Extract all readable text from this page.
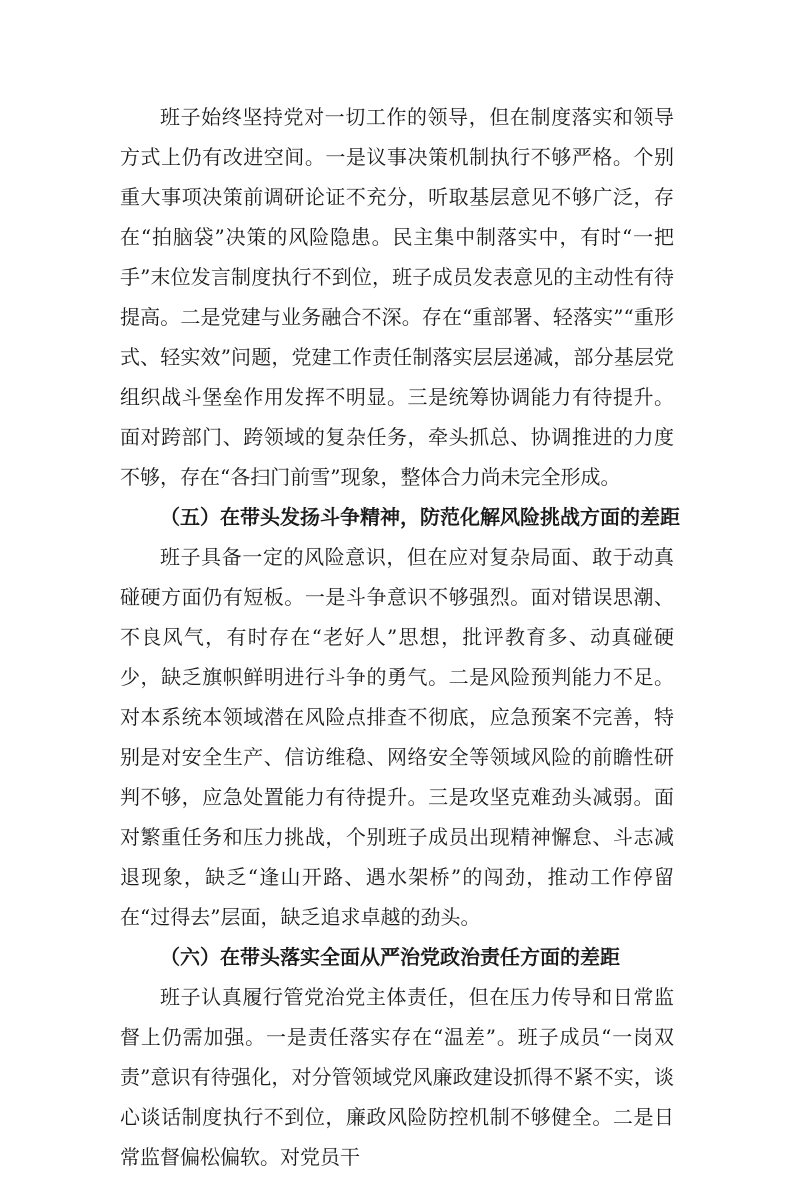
班子始终坚持党对一切工作的领导，但在制度落实和领导方式上仍有改进空间。一是议事决策机制执行不够严格。个别重大事项决策前调研论证不充分，听取基层意见不够广泛，存在“拍脑袋”决策的风险隐患。民主集中制落实中，有时“一把手”末位发言制度执行不到位，班子成员发表意见的主动性有待提高。二是党建与业务融合不深。存在“重部署、轻落实”“重形式、轻实效”问题，党建工作责任制落实层层递减，部分基层党组织战斗堡垒作用发挥不明显。三是统筹协调能力有待提升。面对跨部门、跨领域的复杂任务，牵头抓总、协调推进的力度不够，存在“各扫门前雪”现象，整体合力尚未完全形成。

（五）在带头发扬斗争精神，防范化解风险挑战方面的差距

班子具备一定的风险意识，但在应对复杂局面、敢于动真碰硬方面仍有短板。一是斗争意识不够强烈。面对错误思潮、不良风气，有时存在“老好人”思想，批评教育多、动真碰硬少，缺乏旗帜鲜明进行斗争的勇气。二是风险预判能力不足。对本系统本领域潜在风险点排查不彻底，应急预案不完善，特别是对安全生产、信访维稳、网络安全等领域风险的前瞻性研判不够，应急处置能力有待提升。三是攻坚克难劲头减弱。面对繁重任务和压力挑战，个别班子成员出现精神懈怠、斗志减退现象，缺乏“逢山开路、遇水架桥”的闯劲，推动工作停留在“过得去”层面，缺乏追求卓越的劲头。

（六）在带头落实全面从严治党政治责任方面的差距

班子认真履行管党治党主体责任，但在压力传导和日常监督上仍需加强。一是责任落实存在“温差”。班子成员“一岗双责”意识有待强化，对分管领域党风廉政建设抓得不紧不实，谈心谈话制度执行不到位，廉政风险防控机制不够健全。二是日常监督偏松偏软。对党员干
